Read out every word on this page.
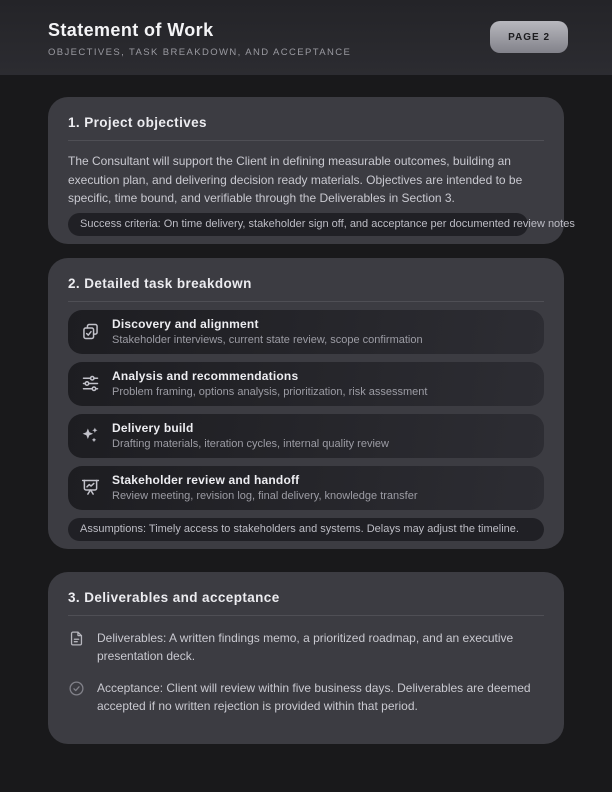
Statement of Work
OBJECTIVES, TASK BREAKDOWN, AND ACCEPTANCE
PAGE 2
1. Project objectives

The Consultant will support the Client in defining measurable outcomes, building an execution plan, and delivering decision ready materials. Objectives are intended to be specific, time bound, and verifiable through the Deliverables in Section 3.

Success criteria: On time delivery, stakeholder sign off, and acceptance per documented review notes
2. Detailed task breakdown
Discovery and alignment
Stakeholder interviews, current state review, scope confirmation
Analysis and recommendations
Problem framing, options analysis, prioritization, risk assessment
Delivery build
Drafting materials, iteration cycles, internal quality review
Stakeholder review and handoff
Review meeting, revision log, final delivery, knowledge transfer
Assumptions: Timely access to stakeholders and systems. Delays may adjust the timeline.
3. Deliverables and acceptance

Deliverables: A written findings memo, a prioritized roadmap, and an executive presentation deck.

Acceptance: Client will review within five business days. Deliverables are deemed accepted if no written rejection is provided within that period.
